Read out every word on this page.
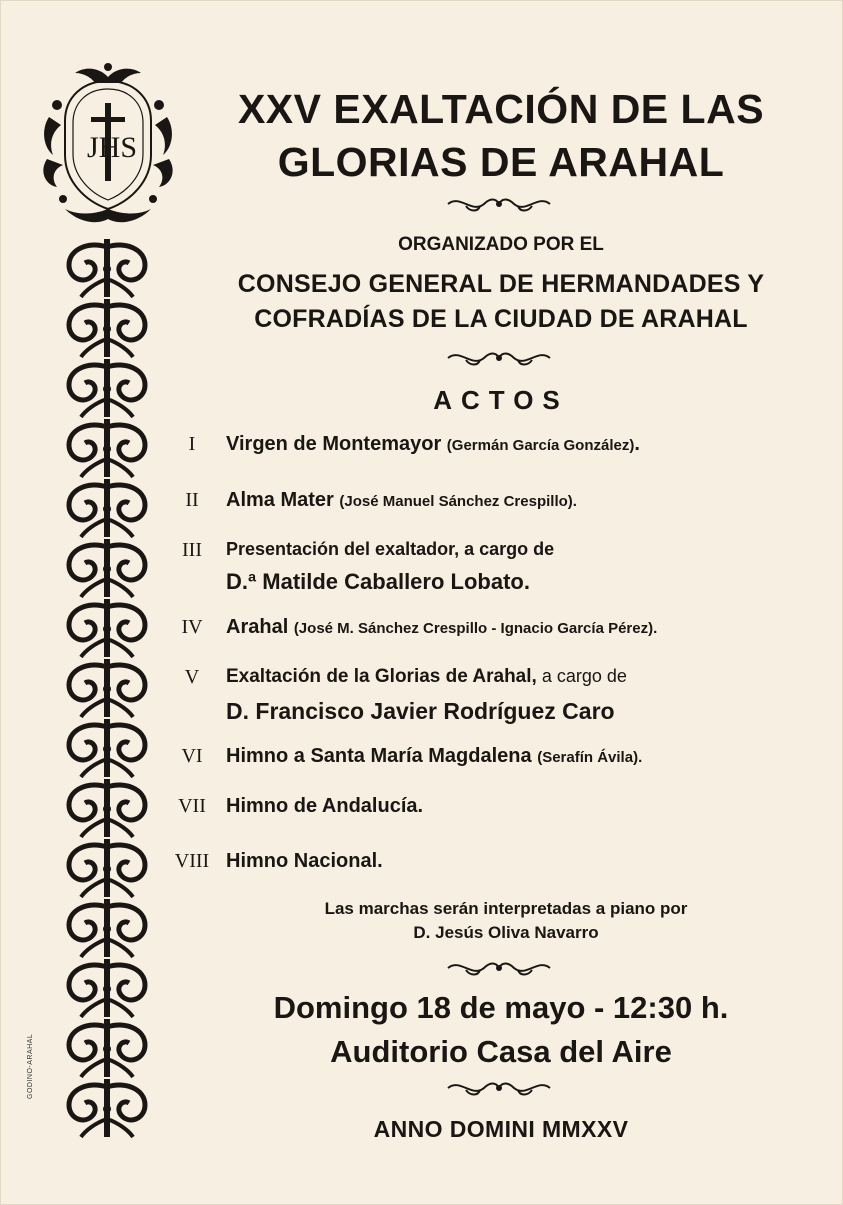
JHS
GODINO-ARAHAL
XXV EXALTACIÓN DE LAS
GLORIAS DE ARAHAL
ORGANIZADO POR EL
CONSEJO GENERAL DE HERMANDADES Y
COFRADÍAS DE LA CIUDAD DE ARAHAL
ACTOS
I	Virgen de Montemayor (Germán García González).
II	Alma Mater (José Manuel Sánchez Crespillo).
III	Presentación del exaltador, a cargo de
D.ª Matilde Caballero Lobato.
IV	Arahal (José M. Sánchez Crespillo - Ignacio García Pérez).
V	Exaltación de la Glorias de Arahal, a cargo de
D. Francisco Javier Rodríguez Caro
VI	Himno a Santa María Magdalena (Serafín Ávila).
VII	Himno de Andalucía.
VIII Himno Nacional.
Las marchas serán interpretadas a piano por
D. Jesús Oliva Navarro
Domingo 18 de mayo - 12:30 h.
Auditorio Casa del Aire
ANNO DOMINI MMXXV
